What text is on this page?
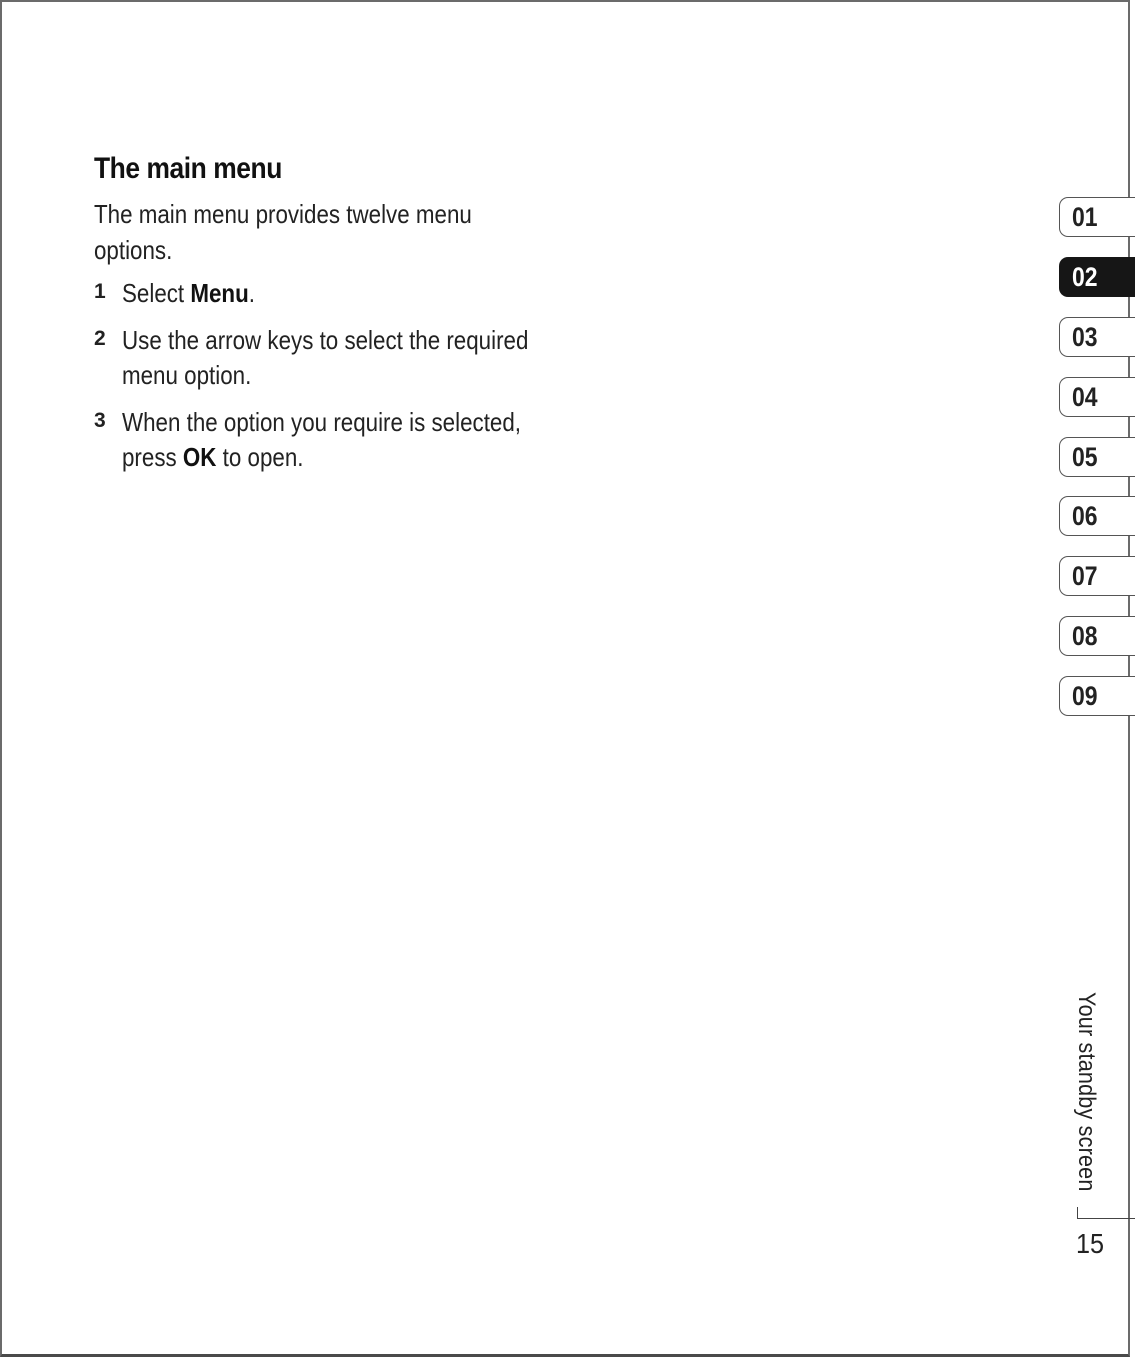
The main menu

The main menu provides twelve menu options.

1 Select Menu.
2 Use the arrow keys to select the required menu option.
3 When the option you require is selected, press OK to open.
01
02
03
04
05
06
07
08
09
Your standby screen
15
